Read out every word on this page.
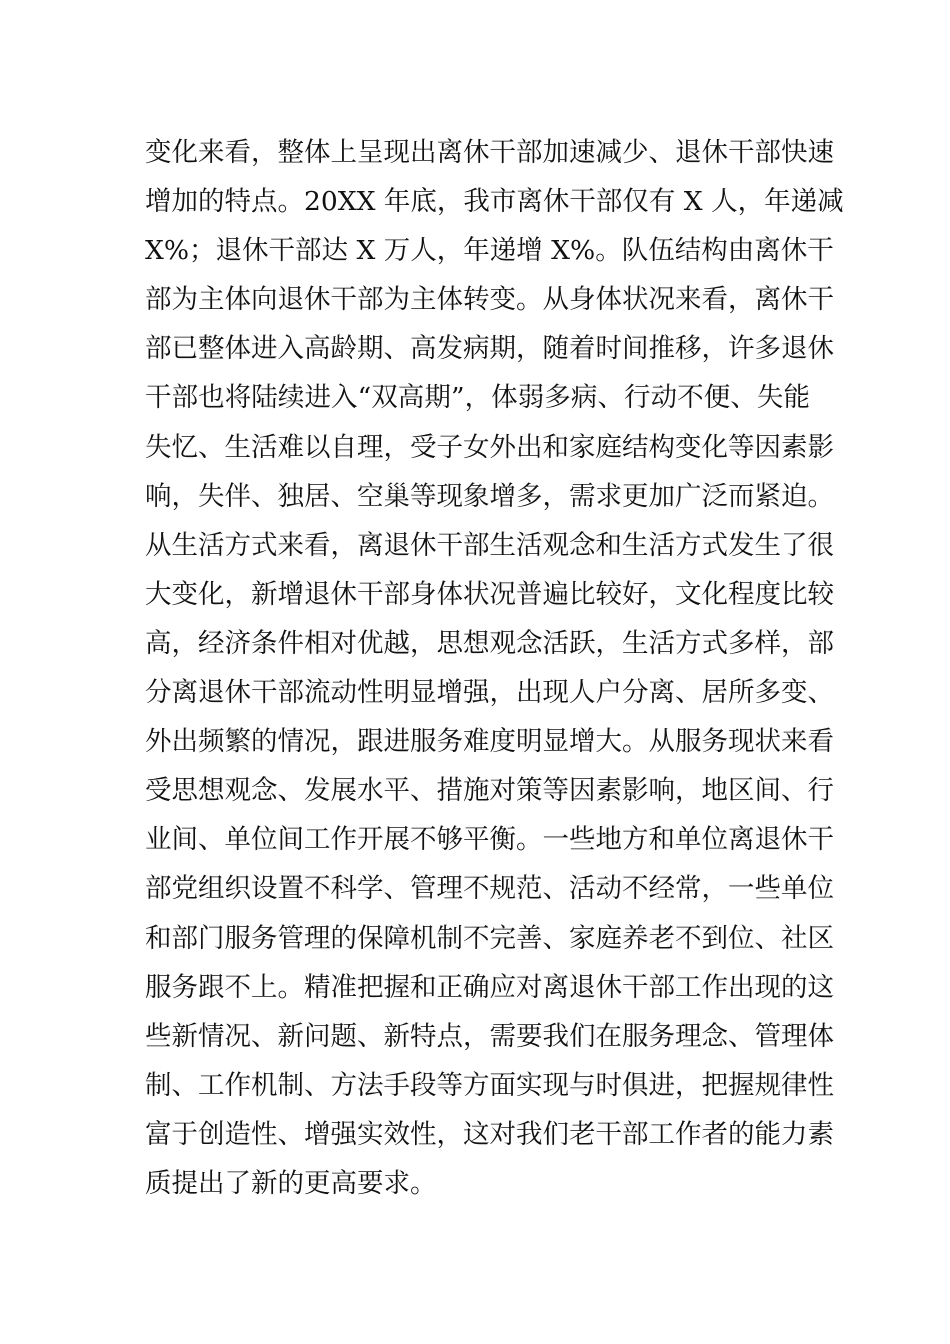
变化来看，整体上呈现出离休干部加速减少、退休干部快速
增加的特点。20XX 年底，我市离休干部仅有 X 人，年递减
X%；退休干部达 X 万人，年递增 X%。队伍结构由离休干
部为主体向退休干部为主体转变。从身体状况来看，离休干
部已整体进入高龄期、高发病期，随着时间推移，许多退休
干部也将陆续进入“双高期”，体弱多病、行动不便、失能
失忆、生活难以自理，受子女外出和家庭结构变化等因素影
响，失伴、独居、空巢等现象增多，需求更加广泛而紧迫。
从生活方式来看，离退休干部生活观念和生活方式发生了很
大变化，新增退休干部身体状况普遍比较好，文化程度比较
高，经济条件相对优越，思想观念活跃，生活方式多样，部
分离退休干部流动性明显增强，出现人户分离、居所多变、
外出频繁的情况，跟进服务难度明显增大。从服务现状来看
受思想观念、发展水平、措施对策等因素影响，地区间、行
业间、单位间工作开展不够平衡。一些地方和单位离退休干
部党组织设置不科学、管理不规范、活动不经常，一些单位
和部门服务管理的保障机制不完善、家庭养老不到位、社区
服务跟不上。精准把握和正确应对离退休干部工作出现的这
些新情况、新问题、新特点，需要我们在服务理念、管理体
制、工作机制、方法手段等方面实现与时俱进，把握规律性
富于创造性、增强实效性，这对我们老干部工作者的能力素
质提出了新的更高要求。
